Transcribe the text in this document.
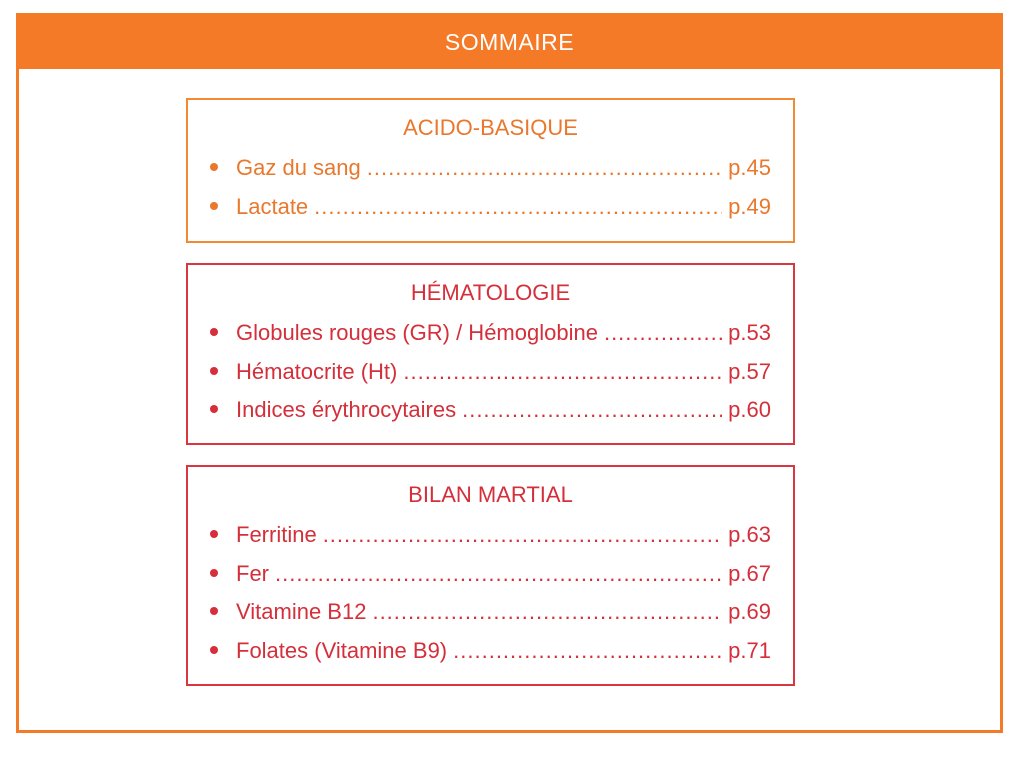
SOMMAIRE
ACIDO-BASIQUE
Gaz du sang .....	p.45
Lactate .....	p.49
HÉMATOLOGIE
Globules rouges (GR) / Hémoglobine .....	p.53
Hématocrite (Ht) .....	p.57
Indices érythrocytaires .....	p.60
BILAN MARTIAL
Ferritine .....	p.63
Fer .....	p.67
Vitamine B12 .....	p.69
Folates (Vitamine B9) .....	p.71
